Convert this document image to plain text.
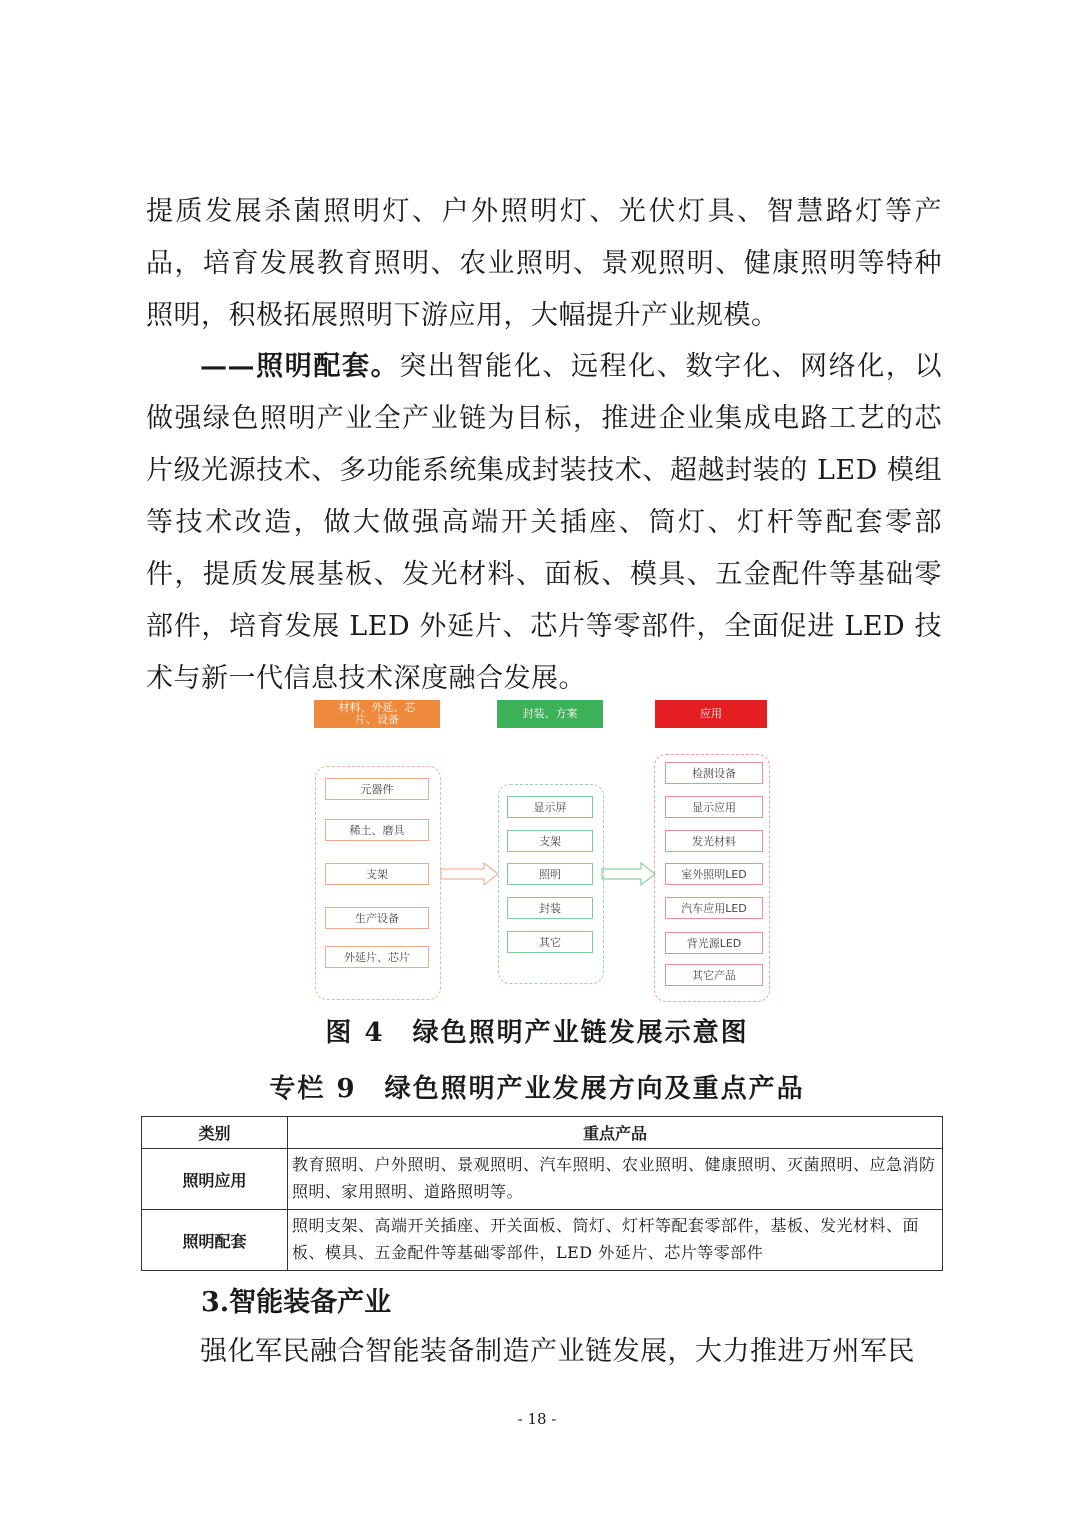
提质发展杀菌照明灯、户外照明灯、光伏灯具、智慧路灯等产品，培育发展教育照明、农业照明、景观照明、健康照明等特种照明，积极拓展照明下游应用，大幅提升产业规模。

——照明配套。突出智能化、远程化、数字化、网络化，以做强绿色照明产业全产业链为目标，推进企业集成电路工艺的芯片级光源技术、多功能系统集成封装技术、超越封装的 LED 模组等技术改造，做大做强高端开关插座、筒灯、灯杆等配套零部件，提质发展基板、发光材料、面板、模具、五金配件等基础零部件，培育发展 LED 外延片、芯片等零部件，全面促进 LED 技术与新一代信息技术深度融合发展。

材料、外延、芯
片、设备	封装、方案	应用
元器件
稀土、磨具
支架
生产设备
外延片、芯片
显示屏
支架
照明
封装
其它
检测设备
显示应用
发光材料
室外照明LED
汽车应用LED
背光源LED
其它产品

图 4　绿色照明产业链发展示意图

专栏 9　绿色照明产业发展方向及重点产品

类别	重点产品
照明应用	教育照明、户外照明、景观照明、汽车照明、农业照明、健康照明、灭菌照明、应急消防照明、家用照明、道路照明等。
照明配套	照明支架、高端开关插座、开关面板、筒灯、灯杆等配套零部件，基板、发光材料、面板、模具、五金配件等基础零部件，LED 外延片、芯片等零部件

3.智能装备产业

强化军民融合智能装备制造产业链发展，大力推进万州军民

- 18 -
